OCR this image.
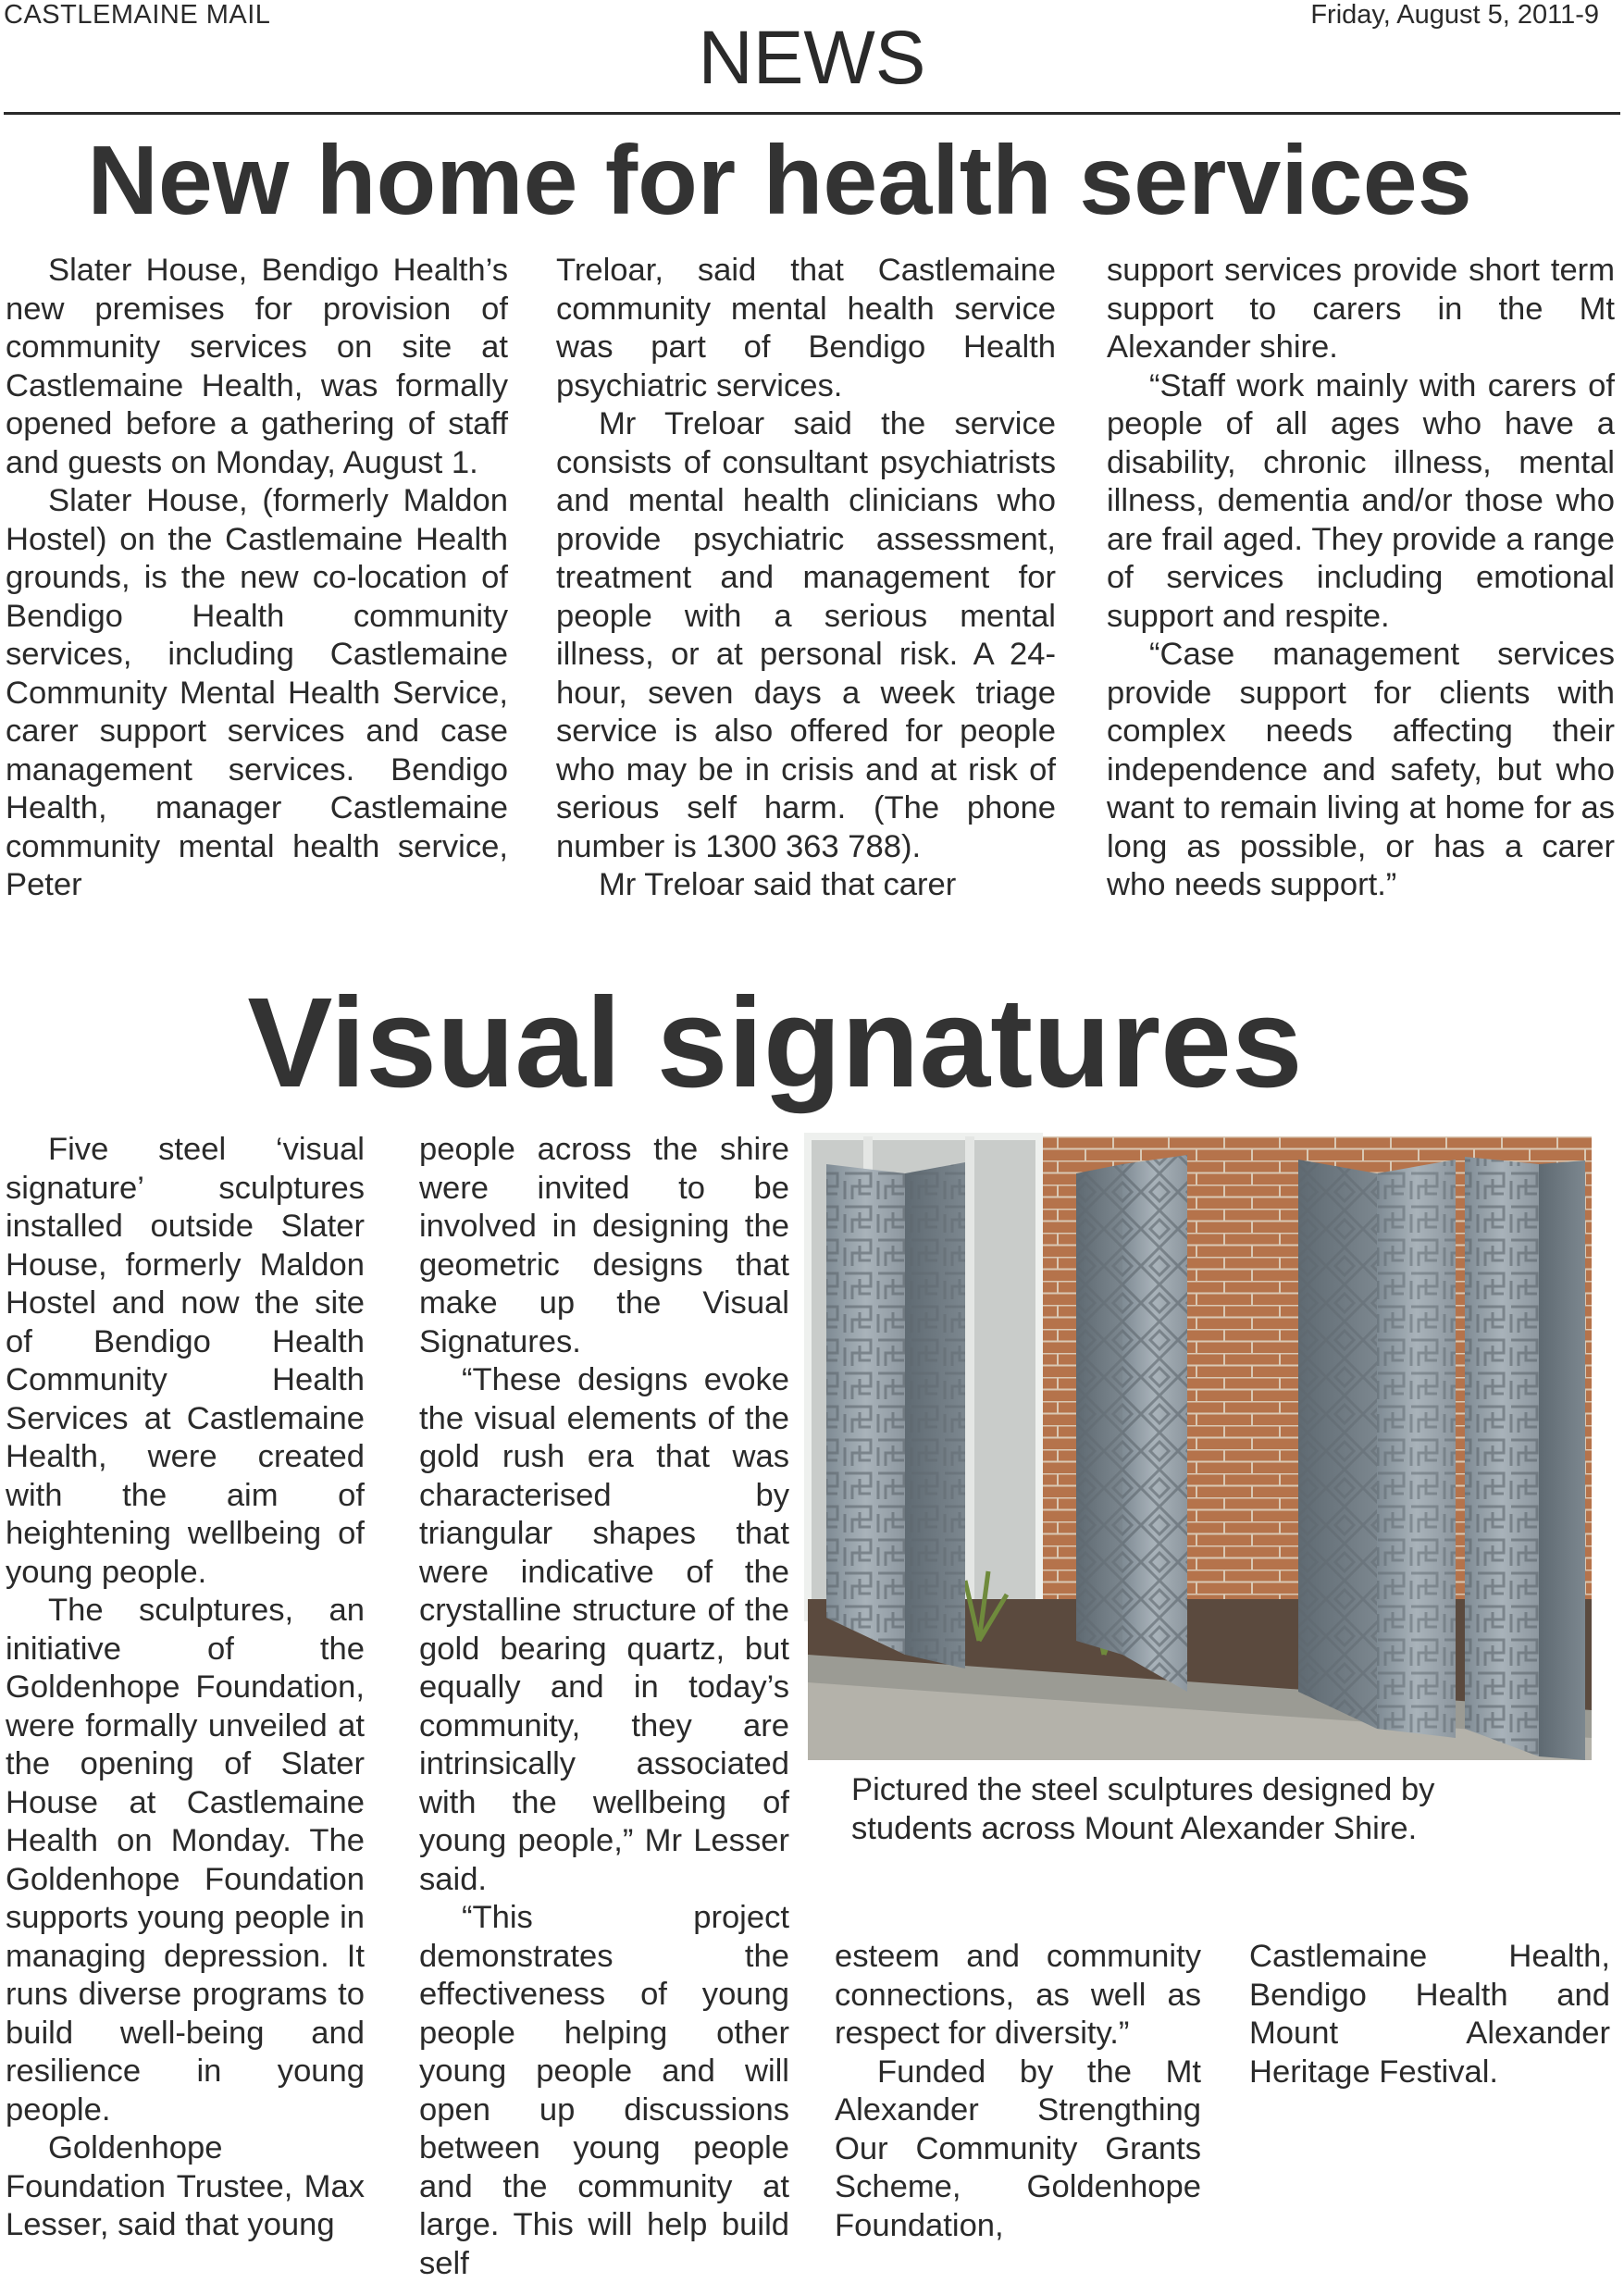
CASTLEMAINE MAIL	Friday, August 5, 2011-9
NEWS
New home for health services

Slater House, Bendigo Health’s new premises for provision of community services on site at Castlemaine Health, was formally opened before a gathering of staff and guests on Monday, August 1.

Slater House, (formerly Maldon Hostel) on the Castlemaine Health grounds, is the new co-location of Bendigo Health community services, including Castlemaine Community Mental Health Service, carer support services and case management services. Bendigo Health, manager Castlemaine community mental health service, Peter

Treloar, said that Castlemaine community mental health service was part of Bendigo Health psychiatric services.

Mr Treloar said the service consists of consultant psychiatrists and mental health clinicians who provide psychiatric assessment, treatment and management for people with a serious mental illness, or at personal risk. A 24-hour, seven days a week triage service is also offered for people who may be in crisis and at risk of serious self harm. (The phone number is 1300 363 788).

Mr Treloar said that carer

support services provide short term support to carers in the Mt Alexander shire.

“Staff work mainly with carers of people of all ages who have a disability, chronic illness, mental illness, dementia and/or those who are frail aged. They provide a range of services including emotional support and respite.

“Case management services provide support for clients with complex needs affecting their independence and safety, but who want to remain living at home for as long as possible, or has a carer who needs support.”

Visual signatures

Five steel ‘visual signature’ sculptures installed outside Slater House, formerly Maldon Hostel and now the site of Bendigo Health Community Health Services at Castlemaine Health, were created with the aim of heightening wellbeing of young people.

The sculptures, an initiative of the Goldenhope Foundation, were formally unveiled at the opening of Slater House at Castlemaine Health on Monday. The Goldenhope Foundation supports young people in managing depression. It runs diverse programs to build well-being and resilience in young people.

Goldenhope Foundation Trustee, Max Lesser, said that young

people across the shire were invited to be involved in designing the geometric designs that make up the Visual Signatures.

“These designs evoke the visual elements of the gold rush era that was characterised by triangular shapes that were indicative of the crystalline structure of the gold bearing quartz, but equally and in today’s community, they are intrinsically associated with the wellbeing of young people,” Mr Lesser said.

“This project demonstrates the effectiveness of young people helping other young people and will open up discussions between young people and the community at large. This will help build self

Pictured the steel sculptures designed by students across Mount Alexander Shire.

esteem and community connections, as well as respect for diversity.”

Funded by the Mt Alexander Strengthing Our Community Grants Scheme, Goldenhope Foundation,

Castlemaine Health, Bendigo Health and Mount Alexander Heritage Festival.
